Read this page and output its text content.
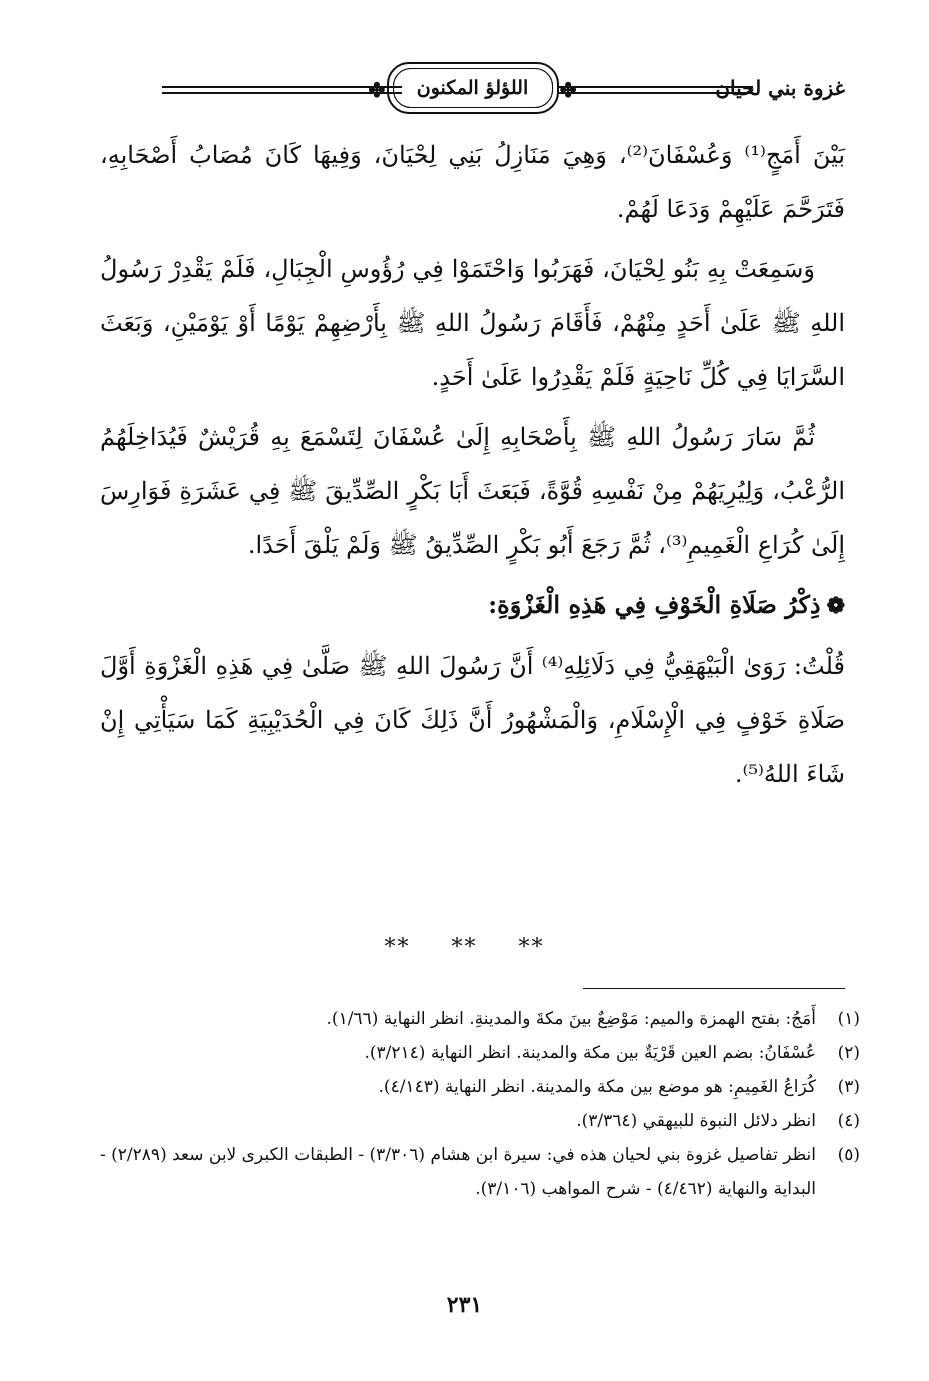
غزوة بني لحيان
✤
اللؤلؤ المكنون
✤

بَيْنَ أَمَجٍ⁽¹⁾ وَعُسْفَانَ⁽²⁾، وَهِيَ مَنَازِلُ بَنِي لِحْيَانَ، وَفِيهَا كَانَ مُصَابُ أَصْحَابِهِ، فَتَرَحَّمَ عَلَيْهِمْ وَدَعَا لَهُمْ.

وَسَمِعَتْ بِهِ بَنُو لِحْيَانَ، فَهَرَبُوا وَاحْتَمَوْا فِي رُؤُوسِ الْجِبَالِ، فَلَمْ يَقْدِرْ رَسُولُ اللهِ ﷺ عَلَىٰ أَحَدٍ مِنْهُمْ، فَأَقَامَ رَسُولُ اللهِ ﷺ بِأَرْضِهِمْ يَوْمًا أَوْ يَوْمَيْنِ، وَبَعَثَ السَّرَايَا فِي كُلِّ نَاحِيَةٍ فَلَمْ يَقْدِرُوا عَلَىٰ أَحَدٍ.

ثُمَّ سَارَ رَسُولُ اللهِ ﷺ بِأَصْحَابِهِ إِلَىٰ عُسْفَانَ لِتَسْمَعَ بِهِ قُرَيْشٌ فَيُدَاخِلَهُمُ الرُّعْبُ، وَلِيُرِيَهُمْ مِنْ نَفْسِهِ قُوَّةً، فَبَعَثَ أَبَا بَكْرٍ الصِّدِّيقَ ﷺ فِي عَشَرَةِ فَوَارِسَ إِلَىٰ كُرَاعِ الْغَمِيمِ⁽³⁾، ثُمَّ رَجَعَ أَبُو بَكْرٍ الصِّدِّيقُ ﷺ وَلَمْ يَلْقَ أَحَدًا.

❁ذِكْرُ صَلَاةِ الْخَوْفِ فِي هَذِهِ الْغَزْوَةِ:

قُلْتُ: رَوَىٰ الْبَيْهَقِيُّ فِي دَلَائِلِهِ⁽⁴⁾ أَنَّ رَسُولَ اللهِ ﷺ صَلَّىٰ فِي هَذِهِ الْغَزْوَةِ أَوَّلَ صَلَاةِ خَوْفٍ فِي الْإِسْلَامِ، وَالْمَشْهُورُ أَنَّ ذَلِكَ كَانَ فِي الْحُدَيْبِيَةِ كَمَا سَيَأْتِي إِنْ شَاءَ اللهُ⁽⁵⁾.

** ** **
(١)
أَمَجُ: بفتح الهمزة والميم: مَوْضِعٌ بينَ مكةَ والمدينةِ. انظر النهاية (١/٦٦).
(٢)
عُسْفَانُ: بضم العين قَرْيَةٌ بين مكة والمدينة. انظر النهاية (٣/٢١٤).
(٣)
كُرَاعُ الغَمِيمِ: هو موضع بين مكة والمدينة. انظر النهاية (٤/١٤٣).
(٤)
انظر دلائل النبوة للبيهقي (٣/٣٦٤).
(٥)
انظر تفاصيل غزوة بني لحيان هذه في: سيرة ابن هشام (٣/٣٠٦) - الطبقات الكبرى لابن سعد (٢/٢٨٩) - البداية والنهاية (٤/٤٦٢) - شرح المواهب (٣/١٠٦).
٢٣١
